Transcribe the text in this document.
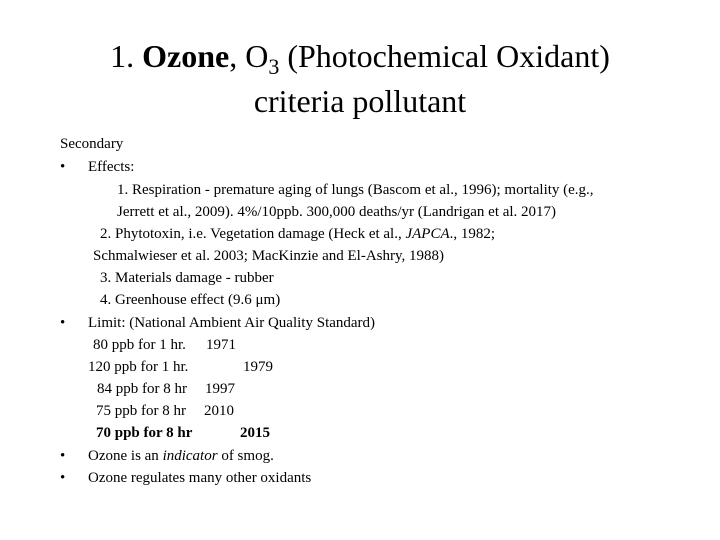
1. Ozone, $O_3$ (Photochemical Oxidant)
criteria pollutant
Secondary
• Effects:
1. Respiration - premature aging of lungs (Bascom et al., 1996); mortality (e.g.,
Jerrett et al., 2009). 4%/10ppb. 300,000 deaths/yr (Landrigan et al. 2017)
2. Phytotoxin, i.e. Vegetation damage (Heck et al., JAPCA., 1982;
Schmalwieser et al. 2003; MacKinzie and El-Ashry, 1988)
3. Materials damage - rubber
4. Greenhouse effect (9.6 μm)
• Limit: (National Ambient Air Quality Standard)
80 ppb for 1 hr. 1971
120 ppb for 1 hr.	1979
84 ppb for 8 hr 1997
75 ppb for 8 hr 2010
70 ppb for 8 hr	2015
• Ozone is an indicator of smog.
• Ozone regulates many other oxidants
